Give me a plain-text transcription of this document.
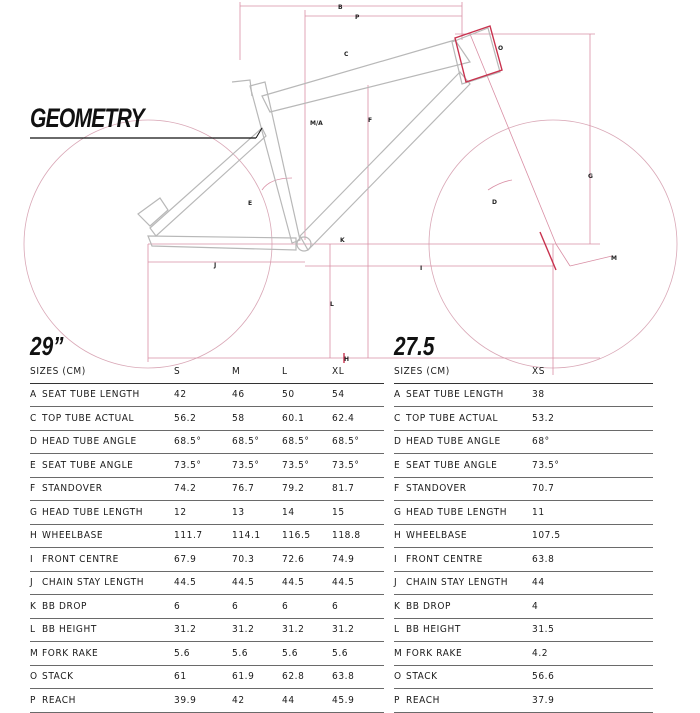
B
P
O
M/A	F
C
G
D
E
J	I
K
L
H
M
GEOMETRY
29”
SIZES (CM)		S	M	L	XL
A	SEAT TUBE LENGTH	42	46	50	54
C	TOP TUBE ACTUAL	56.2	58	60.1	62.4
D	HEAD TUBE ANGLE	68.5°	68.5°	68.5°	68.5°
E	SEAT TUBE ANGLE	73.5°	73.5°	73.5°	73.5°
F	STANDOVER	74.2	76.7	79.2	81.7
G	HEAD TUBE LENGTH	12	13	14	15
H	WHEELBASE	111.7	114.1	116.5	118.8
I	FRONT CENTRE	67.9	70.3	72.6	74.9
J	CHAIN STAY LENGTH	44.5	44.5	44.5	44.5
K	BB DROP	6	6	6	6
L	BB HEIGHT	31.2	31.2	31.2	31.2
M	FORK RAKE	5.6	5.6	5.6	5.6
O	STACK	61	61.9	62.8	63.8
P	REACH	39.9	42	44	45.9
27.5
SIZES (CM)		XS
A	SEAT TUBE LENGTH	38
C	TOP TUBE ACTUAL	53.2
D	HEAD TUBE ANGLE	68°
E	SEAT TUBE ANGLE	73.5°
F	STANDOVER	70.7
G	HEAD TUBE LENGTH	11
H	WHEELBASE	107.5
I	FRONT CENTRE	63.8
J	CHAIN STAY LENGTH	44
K	BB DROP	4
L	BB HEIGHT	31.5
M	FORK RAKE	4.2
O	STACK	56.6
P	REACH	37.9
